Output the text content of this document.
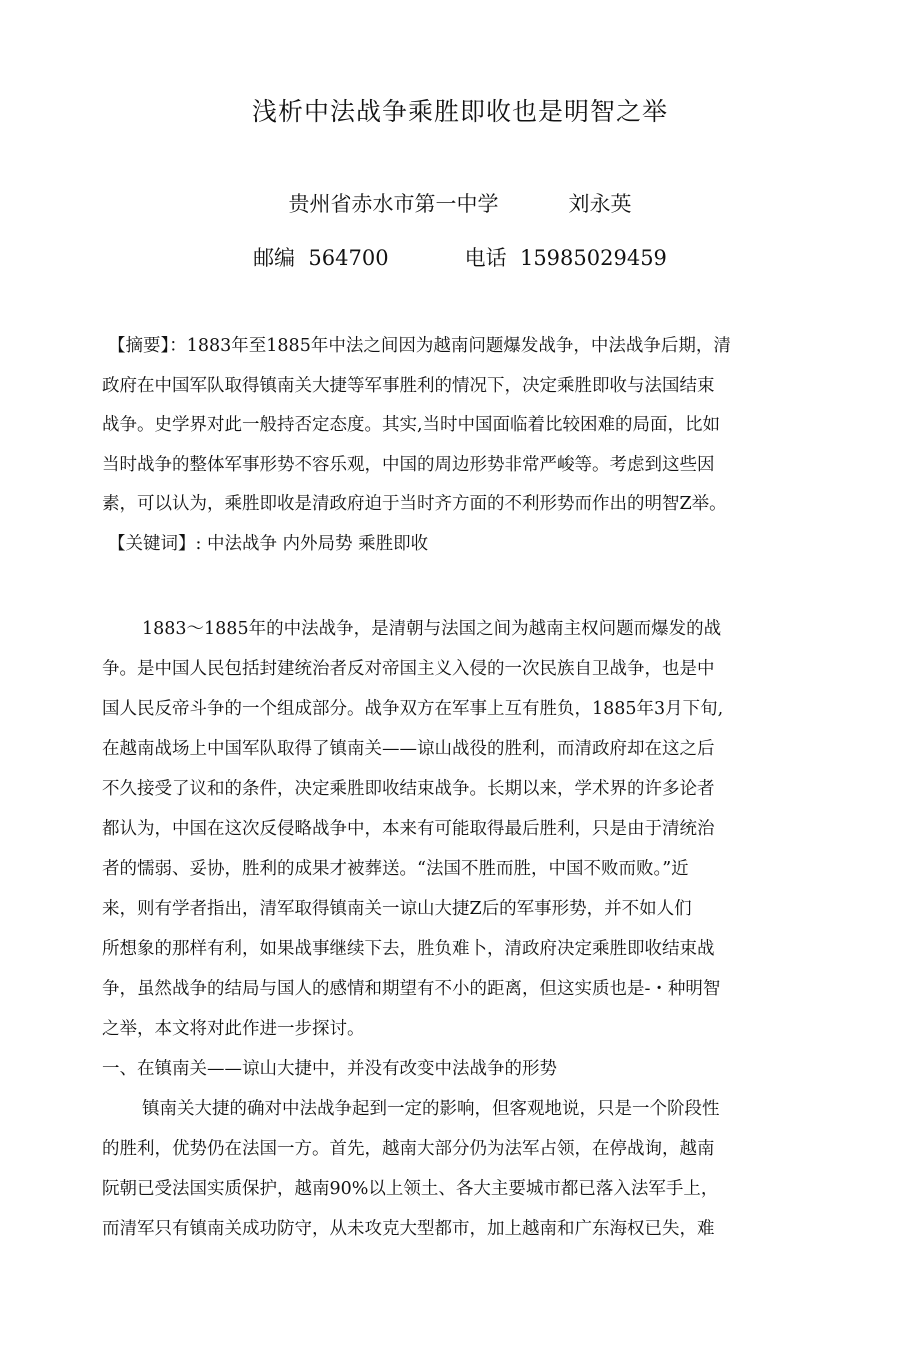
浅析中法战争乘胜即收也是明智之举
贵州省赤水市第一中学	刘永英
邮编 564700	电话 15985029459
【摘要】：1883年至1885年中法之间因为越南问题爆发战争，中法战争后期，清
政府在中国军队取得镇南关大捷等军事胜利的情况下，决定乘胜即收与法国结束
战争。史学界对此一般持否定态度。其实,当时中国面临着比较困难的局面，比如
当时战争的整体军事形势不容乐观，中国的周边形势非常严峻等。考虑到这些因
素，可以认为，乘胜即收是清政府迫于当时齐方面的不利形势而作出的明智Z举。
【关键词】: 中法战争 内外局势 乘胜即收
1883～1885年的中法战争，是清朝与法国之间为越南主权问题而爆发的战
争。是中国人民包括封建统治者反对帝国主义入侵的一次民族自卫战争，也是中
国人民反帝斗争的一个组成部分。战争双方在军事上互有胜负，1885年3月下旬,
在越南战场上中国军队取得了镇南关——谅山战役的胜利，而清政府却在这之后
不久接受了议和的条件，决定乘胜即收结束战争。长期以来，学术界的许多论者
都认为，中国在这次反侵略战争中，本来有可能取得最后胜利，只是由于清统治
者的懦弱、妥协，胜利的成果才被葬送。“法国不胜而胜，中国不败而败。”近
来，则有学者指出，清军取得镇南关一谅山大捷Z后的军事形势，并不如人们
所想象的那样有利，如果战事继续下去，胜负难卜，清政府决定乘胜即收结束战
争，虽然战争的结局与国人的感情和期望有不小的距离，但这实质也是-・种明智
之举，本文将对此作进一步探讨。
一、在镇南关——谅山大捷中，并没有改变中法战争的形势
镇南关大捷的确对中法战争起到一定的影响，但客观地说，只是一个阶段性
的胜利，优势仍在法国一方。首先，越南大部分仍为法军占领，在停战询，越南
阮朝已受法国实质保护，越南90%以上领土、各大主要城市都已落入法军手上，
而清军只有镇南关成功防守，从未攻克大型都市，加上越南和广东海权已失，难
